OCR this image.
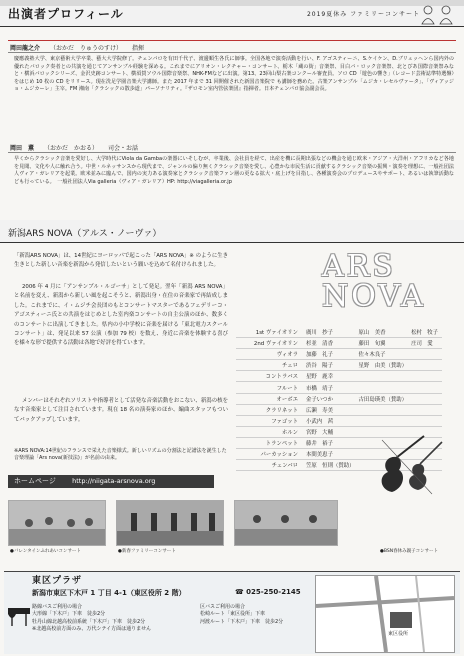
出演者プロフィール	2019夏休み ファミリーコンサート
岡田龍之介 （おかだ　りゅうのすけ） 指揮
慶應義塾大学、東京藝術大学卒業、藝大大学院修了。チェンバロを有田千代子、渡邊順生各氏に師事。全国各地で演奏活動を行い、F. アゴスティーニ、S.ケイケン、D.ブリュッヘンら国内外の優れたバロック奏者との共演を通じてアンサンブル経験を深める。これまでにアリオン・レクチャー・コンサート、栃木「蔵の街」音楽祭、目白バ・ロック音楽祭、北とぴあ国際音楽祭みなと・横浜バロックシリーズ、金沢史跡コンサート、横須賀ソウル国際音楽祭、NHK-FMなどに出演。第13、23回山梨古楽コンクール審査員。ソロ CD「遊色の響き」（レコード芸術誌準特選盤）をはじめ 10 枚の CD をリリース。現在洗足学園音楽大学講師。また 2017 年まで 31 回開催された新国音楽院で も講師を務めた。古楽アンサンブル「ムジカ・レセルヴァータ」、「ヴィアッジョ・ムジカーレ」主宰。FM 湘南「クラシックの散歩道」パーソナリティ。『ザロモン室内管弦楽団』指揮者。日本チェンバロ協会副会長。
岡田　薫 （おかだ　かおる） 司会・お話
早くからクラシック音楽を愛好し、大学時代にViola da Gambaの楽器にいそしむが、卒業後、会社員を経て、出産を機に長期出張などの機会を通じ欧米・アジア・大洋州・アフリカなど各地を見聞、文化や人に触れ合う。中世・ルネッサンスから現代まで、ジャンルの偏り無くクラシック音楽を愛し、心豊かな市民生活に貢献するクラシック音楽の振興・演奏を理想に、一般社団法人ヴィア・ガレリアを起業。欧米並みに臨んで、国内の実力ある演奏家とクラシック音楽ファン層の更なる拡大・底上げを目指し、各種演奏会のプロデュースやサポート、あるいは執筆活動なども行っている。　一般社団法人Via galleria（ヴィア・ガレリア）HP: http://viagalleria.or.jp
新潟ARS NOVA（アルス・ノーヴァ）
ARS
NOVA
「新潟ARS NOVA」は、14世紀にヨーロッパで起こった「ARS NOVA」※ のように生き生きとした新しい音楽を新潟から発信したいという願いを込めて名付けられました。
2006 年 4 月に「アンサンブル・ルゴーサ」として発足。翌年「新潟 ARS NOVA」と名前を変え、新潟から新しい風を起こそうと、新潟出身・在住の音楽家で再結成しました。これまでに、イ・ムジチ会長団のもとコンサートマスターであるフェデリーコ・アゴスティーニ氏との共演をはじめとした室内楽コンサートの自主公演のほか、数多くのコンサートに出演してきました。県内の小中学校に音楽を届ける「東北電力スクールコンサート」は、発足以来 57 公演（参加 79 校）を数え、身近に音楽を体験する喜びを様々な形で提供する活動は各地で好評を得ています。
メンバーはそれぞれソリストや指導者として活発な音楽活動をおこない、新潟の核をなす音楽家として注目されています。現在 18 名の演奏家のほか、編曲スタッフもついてバックアップしています。
※ARS NOVA:14世紀のフランスで栄えた音楽様式。新しいリズムの分割法と記譜法を誕生した音楽理論「Ars nova(新技法)」が名前の由来。
1st ヴァイオリン	廣川　抄子	原山　美香	松村　牧子
2nd ヴァイオリン	杉並　清香	藤田　旬翼	庄司　愛
ヴィオラ	加藤　礼子	佐々木良子	
チェロ	渋谷　陽子	星野　由美（賛助）	
コントラバス	星野　鹿幸		
フルート	市橋　靖子		
オーボエ	金子いつか	古田島瑛美（賛助）	
クラリネット	広瀬　寿美		
ファゴット	小武内　茜		
ホルン	宮野　大輔		
トランペット	藤井　裕子		
パーカッション	本間美恵子		
チェンバロ	笠原　恒則（賛助）		
ホームページ http://niigata-arsnova.org
●バレンタインふれあいコンサート	●新春ファミリーコンサート	●BSN春休み親子コンサート
東区プラザ
新潟市東区下木戸 1 丁目 4-1（東区役所 2 階）	☎ 025-250-2145
路線バスご利用の場合
大形線「下木戸」下車　徒歩2分
牡丹山線北越高校前系統「下木戸」下車　徒歩2分
※北越高校前方面のみ、万代シテイ方面は通りません
区バスご利用の場合
松崎ルート「東区役所」下車
河渡ルート「下木戸」下車　徒歩2分
東区役所
